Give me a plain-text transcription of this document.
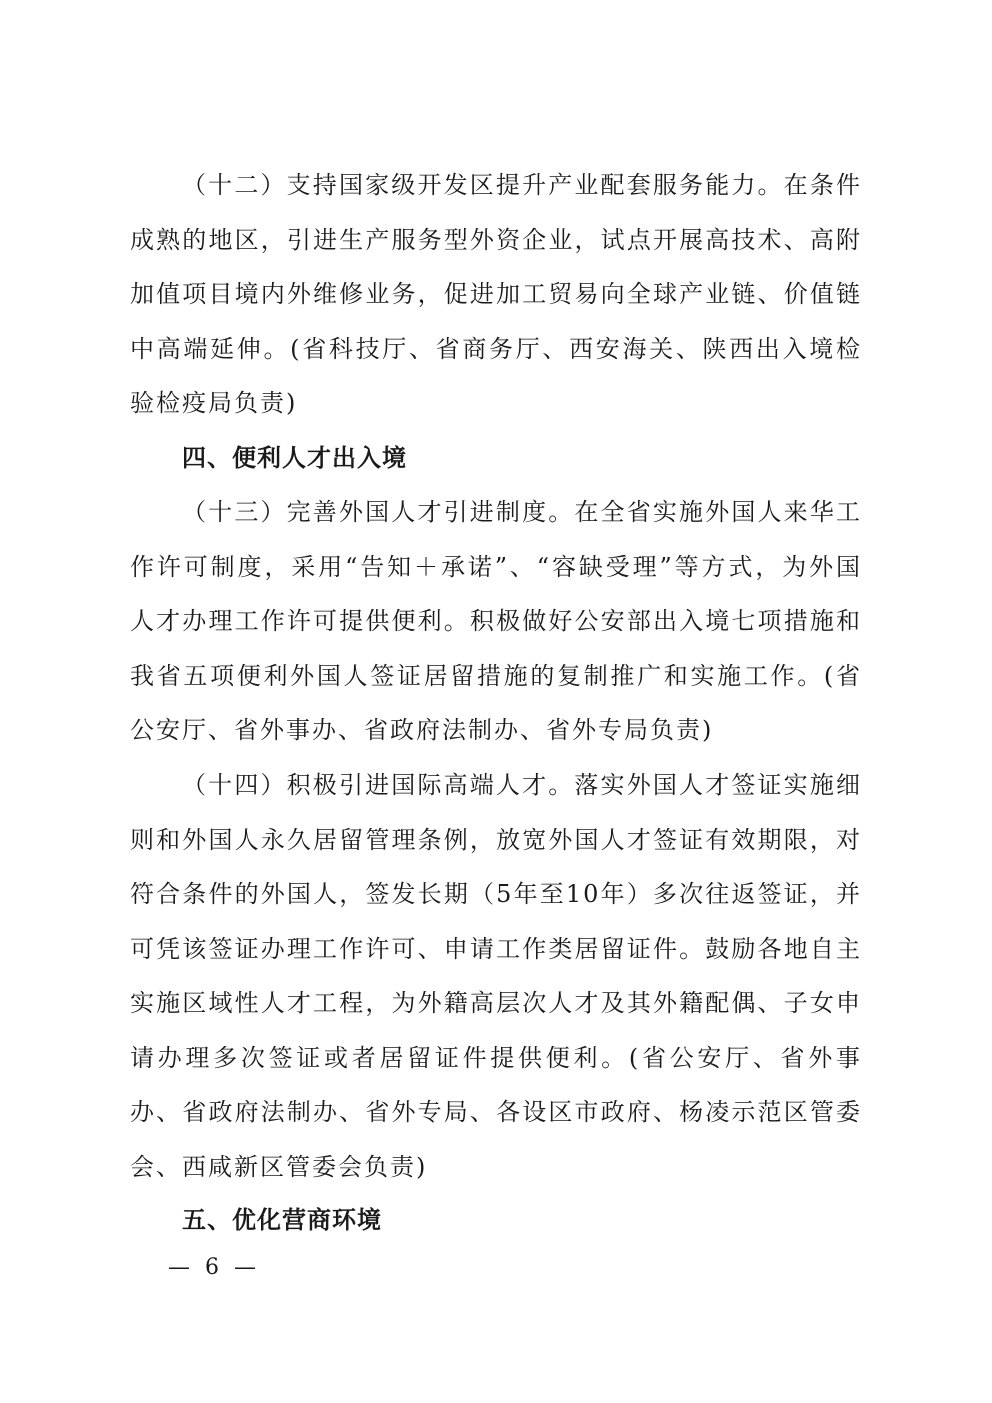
（十二）支持国家级开发区提升产业配套服务能力。在条件成熟的地区，引进生产服务型外资企业，试点开展高技术、高附加值项目境内外维修业务，促进加工贸易向全球产业链、价值链中高端延伸。(省科技厅、省商务厅、西安海关、陕西出入境检验检疫局负责)

四、便利人才出入境

（十三）完善外国人才引进制度。在全省实施外国人来华工作许可制度，采用“告知＋承诺”、“容缺受理”等方式，为外国人才办理工作许可提供便利。积极做好公安部出入境七项措施和我省五项便利外国人签证居留措施的复制推广和实施工作。(省公安厅、省外事办、省政府法制办、省外专局负责)

（十四）积极引进国际高端人才。落实外国人才签证实施细则和外国人永久居留管理条例，放宽外国人才签证有效期限，对符合条件的外国人，签发长期（5年至10年）多次往返签证，并可凭该签证办理工作许可、申请工作类居留证件。鼓励各地自主实施区域性人才工程，为外籍高层次人才及其外籍配偶、子女申请办理多次签证或者居留证件提供便利。(省公安厅、省外事办、省政府法制办、省外专局、各设区市政府、杨凌示范区管委会、西咸新区管委会负责)

五、优化营商环境

— 6 —
